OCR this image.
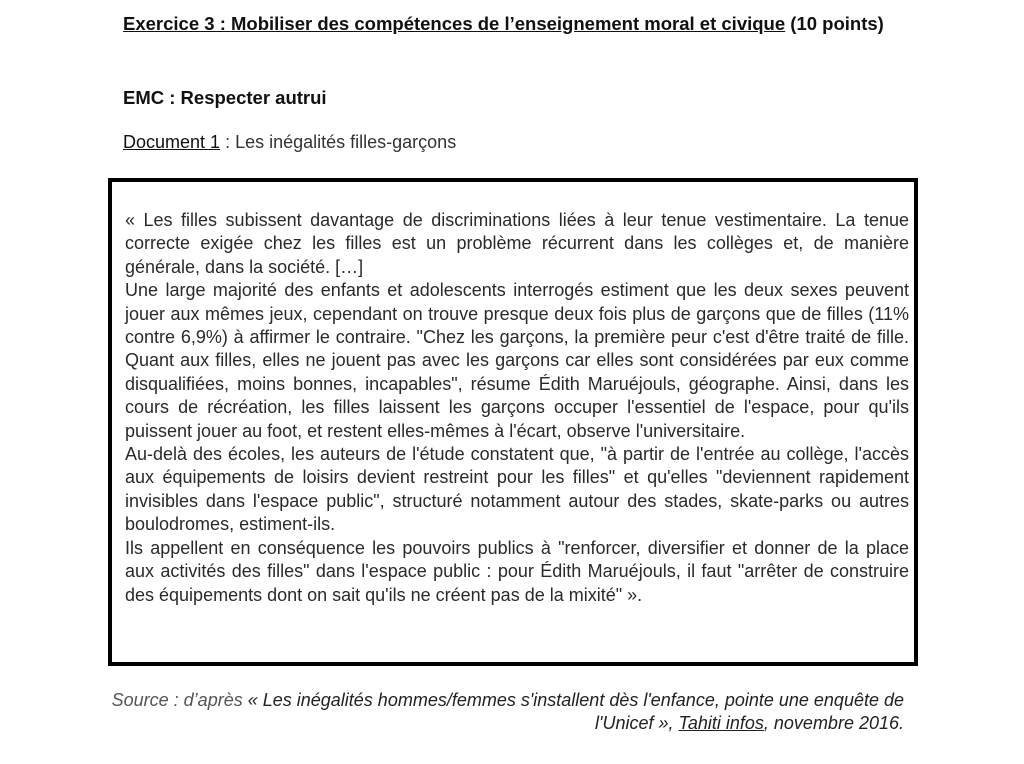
Exercice 3 : Mobiliser des compétences de l’enseignement moral et civique (10 points)
EMC : Respecter autrui
Document 1 : Les inégalités filles-garçons

« Les filles subissent davantage de discriminations liées à leur tenue vestimentaire. La tenue correcte exigée chez les filles est un problème récurrent dans les collèges et, de manière générale, dans la société. […]

Une large majorité des enfants et adolescents interrogés estiment que les deux sexes peuvent jouer aux mêmes jeux, cependant on trouve presque deux fois plus de garçons que de filles (11% contre 6,9%) à affirmer le contraire. "Chez les garçons, la première peur c'est d'être traité de fille. Quant aux filles, elles ne jouent pas avec les garçons car elles sont considérées par eux comme disqualifiées, moins bonnes, incapables", résume Édith Maruéjouls, géographe. Ainsi, dans les cours de récréation, les filles laissent les garçons occuper l'essentiel de l'espace, pour qu'ils puissent jouer au foot, et restent elles-mêmes à l'écart, observe l'universitaire.

Au-delà des écoles, les auteurs de l'étude constatent que, "à partir de l'entrée au collège, l'accès aux équipements de loisirs devient restreint pour les filles" et qu'elles "deviennent rapidement invisibles dans l'espace public", structuré notamment autour des stades, skate-parks ou autres boulodromes, estiment-ils.

Ils appellent en conséquence les pouvoirs publics à "renforcer, diversifier et donner de la place aux activités des filles" dans l'espace public : pour Édith Maruéjouls, il faut "arrêter de construire des équipements dont on sait qu'ils ne créent pas de la mixité" ».

Source : d’après « Les inégalités hommes/femmes s'installent dès l'enfance, pointe une enquête de l'Unicef », Tahiti infos, novembre 2016.
